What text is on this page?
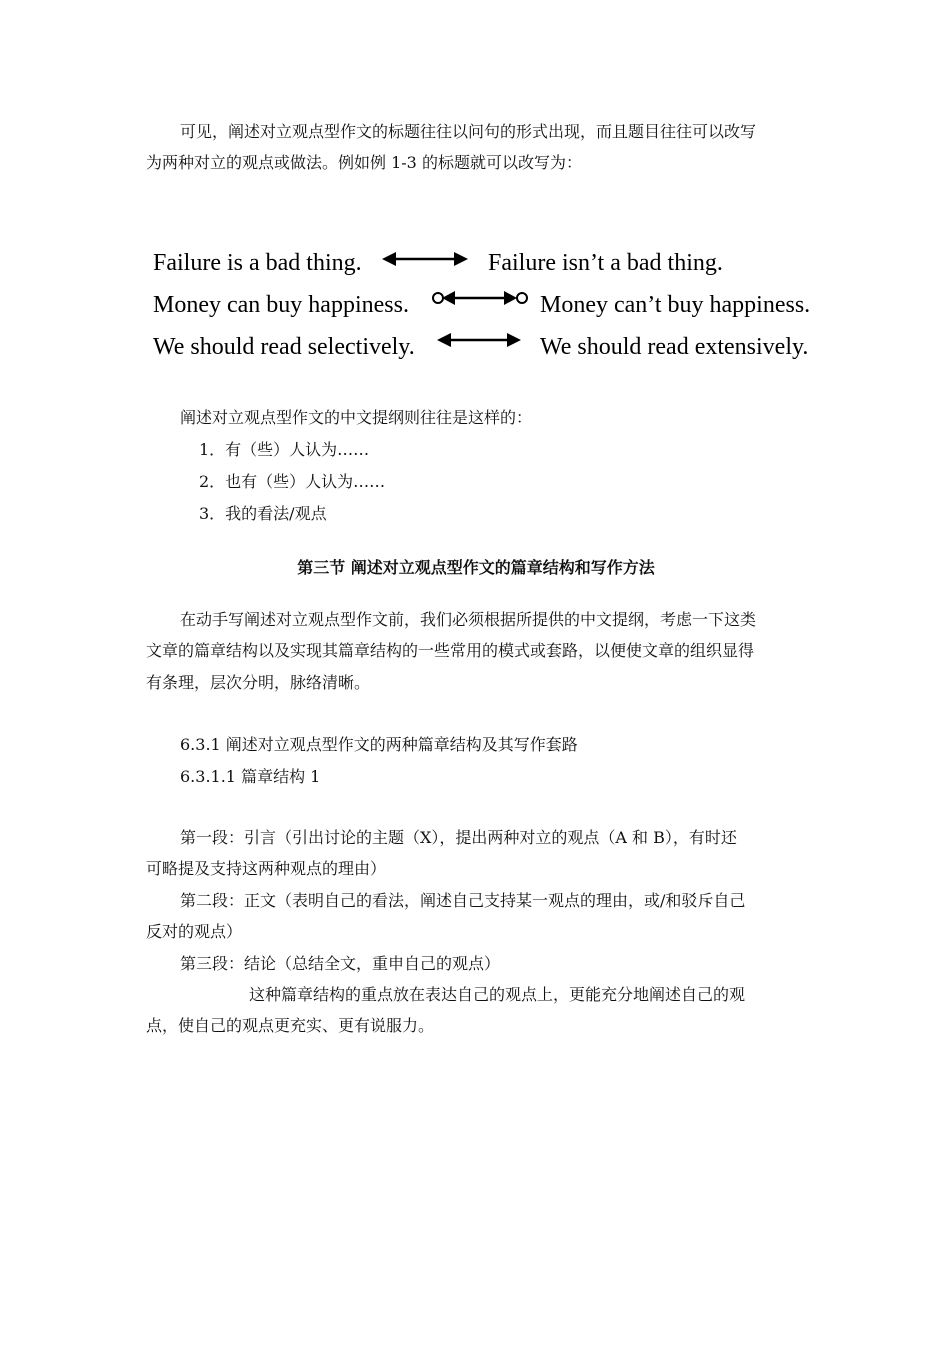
可见，阐述对立观点型作文的标题往往以问句的形式出现，而且题目往往可以改写
为两种对立的观点或做法。例如例 1-3 的标题就可以改写为：
Failure is a bad thing.	Failure isn’t a bad thing.
Money can buy happiness.	Money can’t buy happiness.
We should read selectively.	We should read extensively.
阐述对立观点型作文的中文提纲则往往是这样的：
1．有（些）人认为……
2．也有（些）人认为……
3．我的看法/观点
第三节 阐述对立观点型作文的篇章结构和写作方法
在动手写阐述对立观点型作文前，我们必须根据所提供的中文提纲，考虑一下这类
文章的篇章结构以及实现其篇章结构的一些常用的模式或套路，以便使文章的组织显得
有条理，层次分明，脉络清晰。
6.3.1 阐述对立观点型作文的两种篇章结构及其写作套路
6.3.1.1 篇章结构 1
第一段：引言（引出讨论的主题（X），提出两种对立的观点（A 和 B），有时还
可略提及支持这两种观点的理由）
第二段：正文（表明自己的看法，阐述自己支持某一观点的理由，或/和驳斥自己
反对的观点）
第三段：结论（总结全文，重申自己的观点）
这种篇章结构的重点放在表达自己的观点上，更能充分地阐述自己的观
点，使自己的观点更充实、更有说服力。
